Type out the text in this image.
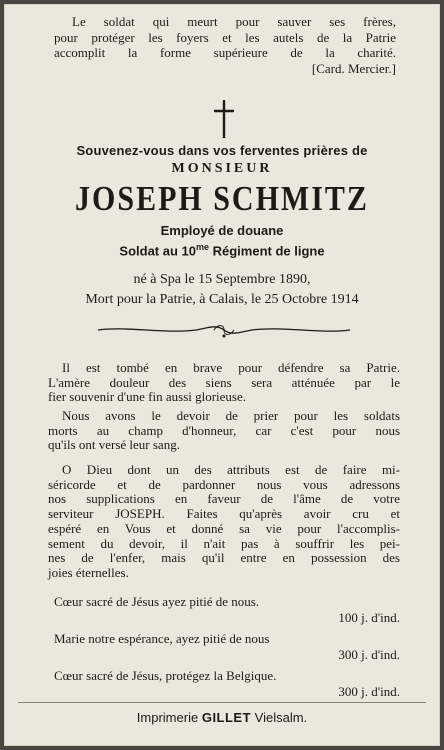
Le soldat qui meurt pour sauver ses frères,
pour protéger les foyers et les autels de la Patrie
accomplit la forme supérieure de la charité.
[Card. Mercier.]
Souvenez-vous dans vos ferventes prières de
MONSIEUR
JOSEPH SCHMITZ
Employé de douane
Soldat au $10^{me}$ Régiment de ligne
né à Spa le 15 Septembre 1890,
Mort pour la Patrie, à Calais, le 25 Octobre 1914
Il est tombé en brave pour défendre sa Patrie.
L'amère douleur des siens sera atténuée par le
fier souvenir d'une fin aussi glorieuse.
Nous avons le devoir de prier pour les soldats
morts au champ d'honneur, car c'est pour nous
qu'ils ont versé leur sang.
O Dieu dont un des attributs est de faire mi-
séricorde et de pardonner nous vous adressons
nos supplications en faveur de l'âme de votre
serviteur JOSEPH. Faites qu'après avoir cru et
espéré en Vous et donné sa vie pour l'accomplis-
sement du devoir, il n'ait pas à souffrir les pei-
nes de l'enfer, mais qu'il entre en possession des
joies éternelles.
Cœur sacré de Jésus ayez pitié de nous.
100 j. d'ind.
Marie notre espérance, ayez pitié de nous
300 j. d'ind.
Cœur sacré de Jésus, protégez la Belgique.
300 j. d'ind.
Imprimerie GILLET Vielsalm.
